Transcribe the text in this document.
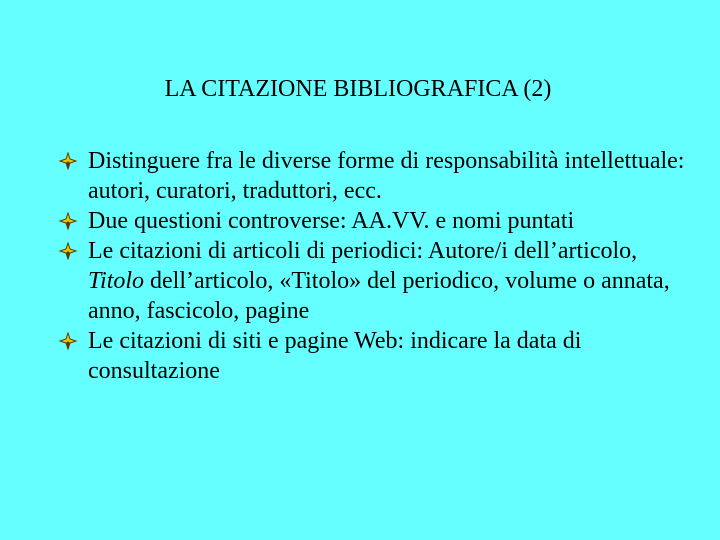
LA CITAZIONE BIBLIOGRAFICA (2)
Distinguere fra le diverse forme di responsabilità intellettuale: autori, curatori, traduttori, ecc.
Due questioni controverse: AA.VV. e nomi puntati
Le citazioni di articoli di periodici: Autore/i dell’articolo, Titolo dell’articolo, «Titolo» del periodico, volume o annata, anno, fascicolo, pagine
Le citazioni di siti e pagine Web: indicare la data di consultazione
